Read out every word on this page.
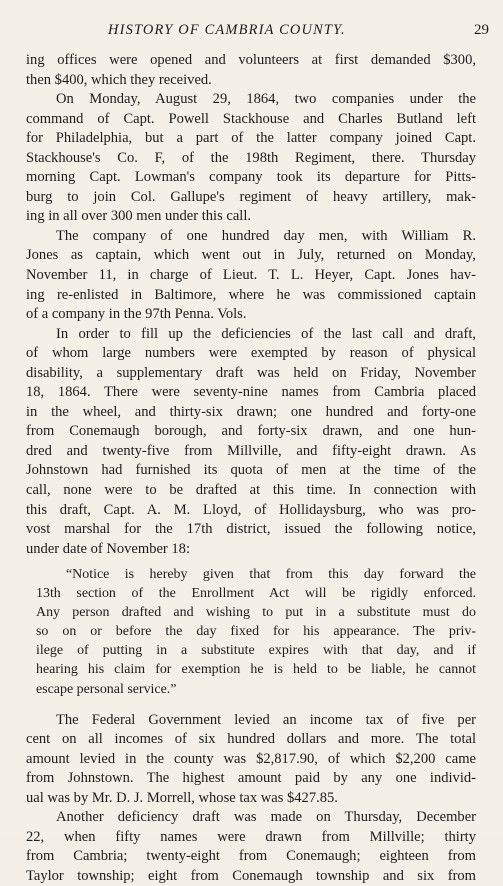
HISTORY OF CAMBRIA COUNTY.	29
ing offices were opened and volunteers at first demanded $300,
then $400, which they received.
On Monday, August 29, 1864, two companies under the
command of Capt. Powell Stackhouse and Charles Butland left
for Philadelphia, but a part of the latter company joined Capt.
Stackhouse's Co. F, of the 198th Regiment, there. Thursday
morning Capt. Lowman's company took its departure for Pitts-
burg to join Col. Gallupe's regiment of heavy artillery, mak-
ing in all over 300 men under this call.
The company of one hundred day men, with William R.
Jones as captain, which went out in July, returned on Monday,
November 11, in charge of Lieut. T. L. Heyer, Capt. Jones hav-
ing re-enlisted in Baltimore, where he was commissioned captain
of a company in the 97th Penna. Vols.
In order to fill up the deficiencies of the last call and draft,
of whom large numbers were exempted by reason of physical
disability, a supplementary draft was held on Friday, November
18, 1864. There were seventy-nine names from Cambria placed
in the wheel, and thirty-six drawn; one hundred and forty-one
from Conemaugh borough, and forty-six drawn, and one hun-
dred and twenty-five from Millville, and fifty-eight drawn. As
Johnstown had furnished its quota of men at the time of the
call, none were to be drafted at this time. In connection with
this draft, Capt. A. M. Lloyd, of Hollidaysburg, who was pro-
vost marshal for the 17th district, issued the following notice,
under date of November 18:
“Notice is hereby given that from this day forward the
13th section of the Enrollment Act will be rigidly enforced.
Any person drafted and wishing to put in a substitute must do
so on or before the day fixed for his appearance. The priv-
ilege of putting in a substitute expires with that day, and if
hearing his claim for exemption he is held to be liable, he cannot
escape personal service.”
The Federal Government levied an income tax of five per
cent on all incomes of six hundred dollars and more. The total
amount levied in the county was $2,817.90, of which $2,200 came
from Johnstown. The highest amount paid by any one individ-
ual was by Mr. D. J. Morrell, whose tax was $427.85.
Another deficiency draft was made on Thursday, December
22, when fifty names were drawn from Millville; thirty
from Cambria; twenty-eight from Conemaugh; eighteen from
Taylor township; eight from Conemaugh township and six from
